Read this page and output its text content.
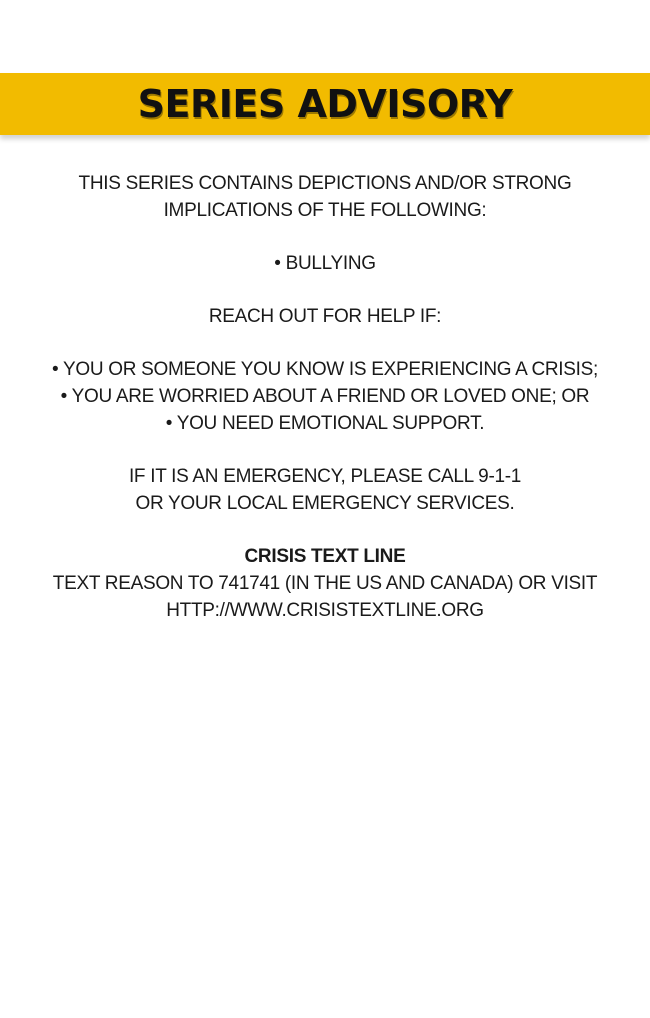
SERIES ADVISORY
THIS SERIES CONTAINS DEPICTIONS AND/OR STRONG
IMPLICATIONS OF THE FOLLOWING:
• BULLYING
REACH OUT FOR HELP IF:
• YOU OR SOMEONE YOU KNOW IS EXPERIENCING A CRISIS;
• YOU ARE WORRIED ABOUT A FRIEND OR LOVED ONE; OR
• YOU NEED EMOTIONAL SUPPORT.
IF IT IS AN EMERGENCY, PLEASE CALL 9-1-1
OR YOUR LOCAL EMERGENCY SERVICES.
CRISIS TEXT LINE
TEXT REASON TO 741741 (IN THE US AND CANADA) OR VISIT
HTTP://WWW.CRISISTEXTLINE.ORG
